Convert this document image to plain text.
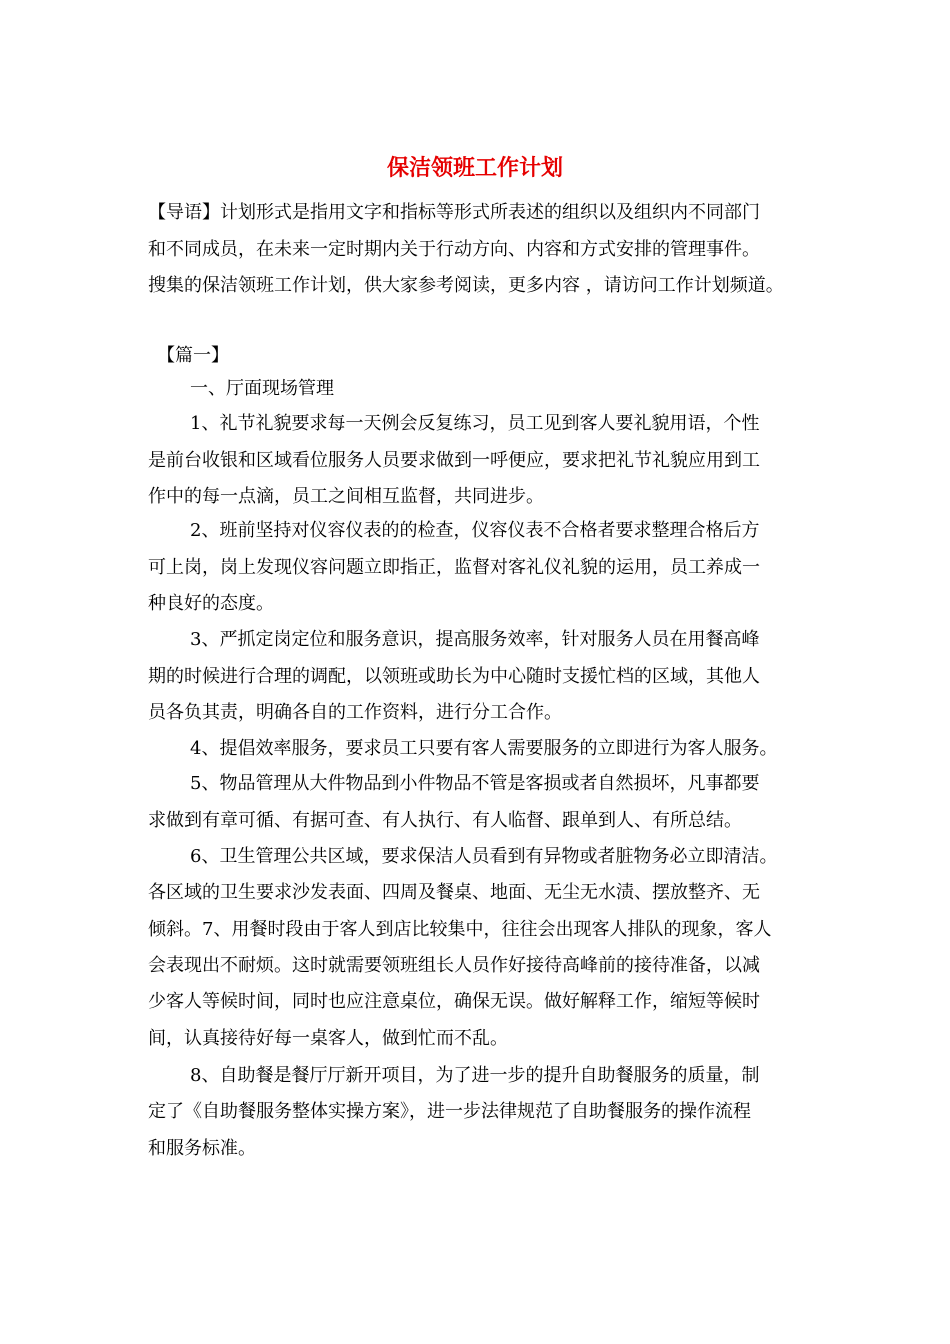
保洁领班工作计划
【导语】计划形式是指用文字和指标等形式所表述的组织以及组织内不同部门
和不同成员，在未来一定时期内关于行动方向、内容和方式安排的管理事件。
搜集的保洁领班工作计划，供大家参考阅读，更多内容 ，请访问工作计划频道。
【篇一】
一、厅面现场管理
1、礼节礼貌要求每一天例会反复练习，员工见到客人要礼貌用语，个性
是前台收银和区域看位服务人员要求做到一呼便应，要求把礼节礼貌应用到工
作中的每一点滴，员工之间相互监督，共同进步。
2、班前坚持对仪容仪表的的检查，仪容仪表不合格者要求整理合格后方
可上岗，岗上发现仪容问题立即指正，监督对客礼仪礼貌的运用，员工养成一
种良好的态度。
3、严抓定岗定位和服务意识，提高服务效率，针对服务人员在用餐高峰
期的时候进行合理的调配，以领班或助长为中心随时支援忙档的区域，其他人
员各负其责，明确各自的工作资料，进行分工合作。
4、提倡效率服务，要求员工只要有客人需要服务的立即进行为客人服务。
5、物品管理从大件物品到小件物品不管是客损或者自然损坏，凡事都要
求做到有章可循、有据可查、有人执行、有人临督、跟单到人、有所总结。
6、卫生管理公共区域，要求保洁人员看到有异物或者脏物务必立即清洁。
各区域的卫生要求沙发表面、四周及餐桌、地面、无尘无水渍、摆放整齐、无
倾斜。7、用餐时段由于客人到店比较集中，往往会出现客人排队的现象，客人
会表现出不耐烦。这时就需要领班组长人员作好接待高峰前的接待准备，以减
少客人等候时间，同时也应注意桌位，确保无误。做好解释工作，缩短等候时
间，认真接待好每一桌客人，做到忙而不乱。
8、自助餐是餐厅厅新开项目，为了进一步的提升自助餐服务的质量，制
定了《自助餐服务整体实操方案》，进一步法律规范了自助餐服务的操作流程
和服务标准。
